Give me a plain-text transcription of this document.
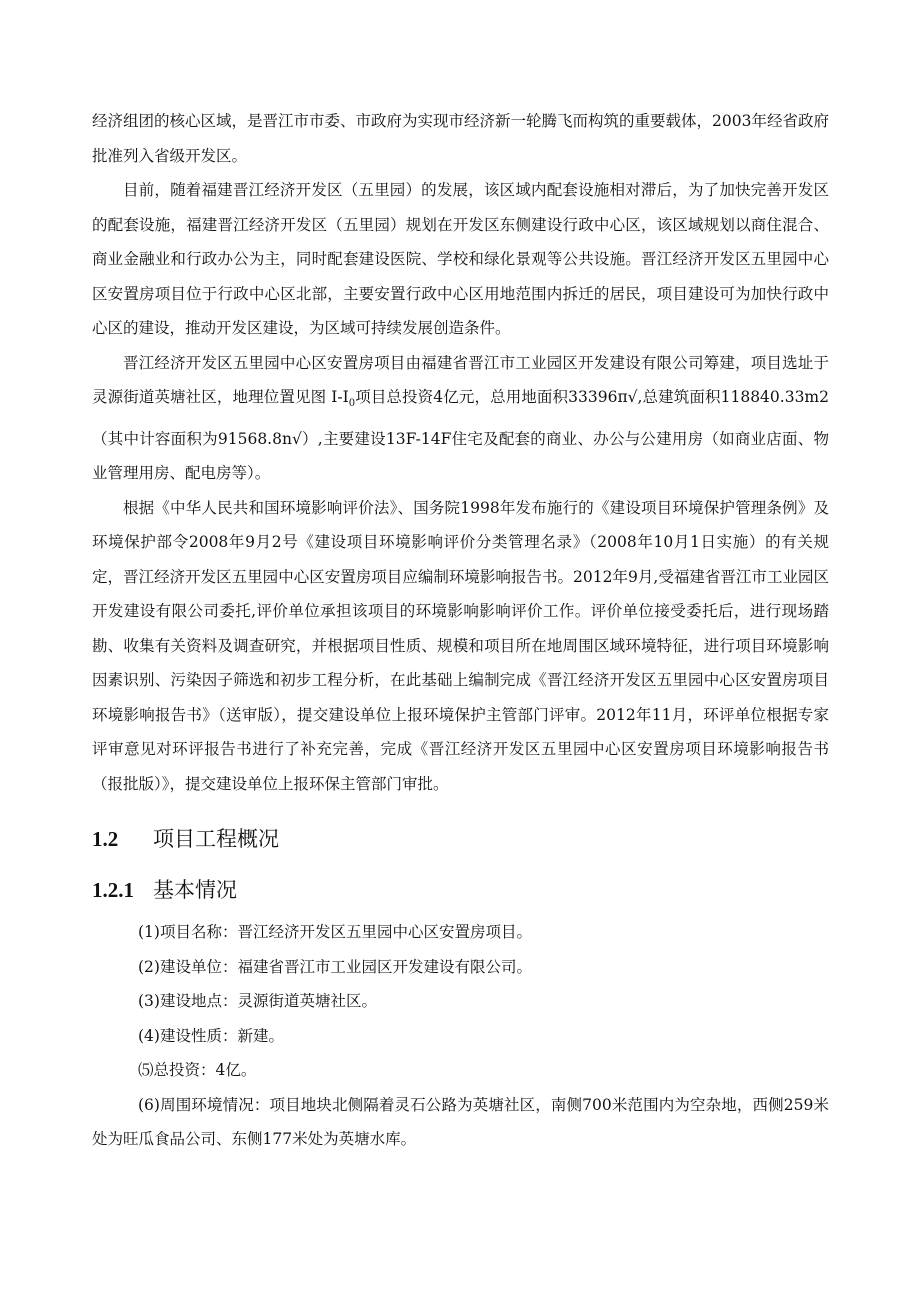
经济组团的核心区域，是晋江市市委、市政府为实现市经济新一轮腾飞而构筑的重要载体，2003年经省政府批准列入省级开发区。

目前，随着福建晋江经济开发区（五里园）的发展，该区域内配套设施相对滞后，为了加快完善开发区的配套设施，福建晋江经济开发区（五里园）规划在开发区东侧建设行政中心区，该区域规划以商住混合、商业金融业和行政办公为主，同时配套建设医院、学校和绿化景观等公共设施。晋江经济开发区五里园中心区安置房项目位于行政中心区北部，主要安置行政中心区用地范围内拆迁的居民，项目建设可为加快行政中心区的建设，推动开发区建设，为区域可持续发展创造条件。

晋江经济开发区五里园中心区安置房项目由福建省晋江市工业园区开发建设有限公司筹建，项目选址于灵源街道英塘社区，地理位置见图 $I-I_0$项目总投资4亿元，总用地面积33396π√,总建筑面积118840.33m2（其中计容面积为91568.8n√）,主要建设13F-14F住宅及配套的商业、办公与公建用房（如商业店面、物业管理用房、配电房等）。

根据《中华人民共和国环境影响评价法》、国务院1998年发布施行的《建设项目环境保护管理条例》及环境保护部令2008年9月2号《建设项目环境影响评价分类管理名录》（2008年10月1日实施）的有关规定，晋江经济开发区五里园中心区安置房项目应编制环境影响报告书。2012年9月,受福建省晋江市工业园区开发建设有限公司委托,评价单位承担该项目的环境影响影响评价工作。评价单位接受委托后，进行现场踏勘、收集有关资料及调查研究，并根据项目性质、规模和项目所在地周围区域环境特征，进行项目环境影响因素识别、污染因子筛选和初步工程分析，在此基础上编制完成《晋江经济开发区五里园中心区安置房项目环境影响报告书》（送审版），提交建设单位上报环境保护主管部门评审。2012年11月，环评单位根据专家评审意见对环评报告书进行了补充完善，完成《晋江经济开发区五里园中心区安置房项目环境影响报告书（报批版）》，提交建设单位上报环保主管部门审批。

1.2 项目工程概况
1.2.1 基本情况

(1)项目名称：晋江经济开发区五里园中心区安置房项目。

(2)建设单位：福建省晋江市工业园区开发建设有限公司。

(3)建设地点：灵源街道英塘社区。

(4)建设性质：新建。

⑸总投资：4亿。

(6)周围环境情况：项目地块北侧隔着灵石公路为英塘社区，南侧700米范围内为空杂地，西侧259米处为旺瓜食品公司、东侧177米处为英塘水库。
